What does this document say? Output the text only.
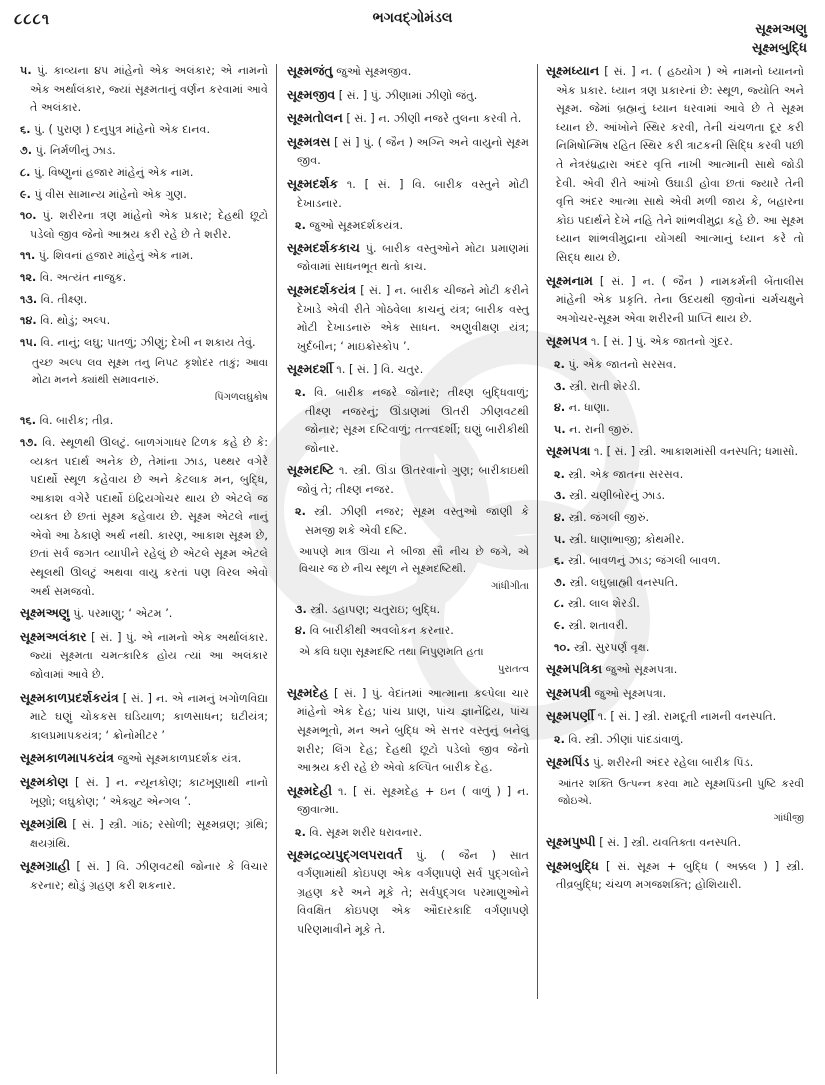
૮૮૮૧	ભગવદ્ગોમંડલ
સૂક્ષ્મઅણુ
સૂક્ષ્મબુદ્ધિ
૫. પું. કાવ્યના ૪૫ માંહેનો એક અલંકાર; એ નામનો એક અર્થાલંકાર, જ્યાં સૂક્ષ્મતાનું વર્ણન કરવામાં આવે તે અલંકાર.
૬. પું. ( પુરાણ ) દનુપુત્ર માંહેનો એક દાનવ.
૭. પું. નિર્મળીનું ઝાડ.
૮. પું. વિષ્ણુનાં હજાર માંહેનું એક નામ.
૯. પું વીસ સામાન્ય માંહેનો એક ગુણ.
૧૦. પું. શરીરના ત્રણ માંહેનો એક પ્રકાર; દેહથી છૂટો પડેલો જીવ જેનો આશ્રય કરી રહે છે તે શરીર.
૧૧. પું. શિવનાં હજાર માંહેનું એક નામ.
૧૨. વિ. અત્યંત નાજુક.
૧૩. વિ. તીક્ષ્ણ.
૧૪. વિ. થોડું; અલ્પ.
૧૫. વિ. નાનું; લઘુ; પાતળું; ઝીણું; દેખી ન શકાય તેવું.
તુચ્છ અલ્પ લવ સૂક્ષ્મ તનુ નિપટ કૃશોદર તાકું; આવા મોટા મનને ક્યાંથી સમાવનારું.
પિંગળલઘુકોષ
૧૬. વિ. બારીક; તીવ્ર.
૧૭. વિ. સ્થૂળથી ઊલટું. બાળગંગાધર ટિળક કહે છે કે: વ્યક્ત પદાર્થ અનેક છે, તેમાંના ઝાડ, પથ્થર વગેરે પદાર્થો સ્થૂળ કહેવાય છે અને કેટલાક મન, બુદ્ધિ, આકાશ વગેરે પદાર્થો ઇંદ્રિયગોચર થાય છે એટલે જ વ્યક્ત છે છતાં સૂક્ષ્મ કહેવાય છે. સૂક્ષ્મ એટલે નાનું એવો આ ઠેકાણે અર્થ નથી. કારણ, આકાશ સૂક્ષ્મ છે, છતાં સર્વ જગત વ્યાપીને રહેલું છે એટલે સૂક્ષ્મ એટલે સ્થૂલથી ઊલટું અથવા વાયુ કરતાં પણ વિરલ એવો અર્થ સમજવો.
સૂક્ષ્મઅણુ પું. પરમાણુ; ‘ એટમ ’.
સૂક્ષ્મઅલંકાર [ સં. ] પું. એ નામનો એક અર્થાલંકાર. જ્યાં સૂક્ષ્મતા ચમત્કારિક હોય ત્યાં આ અલંકાર જોવામાં આવે છે.
સૂક્ષ્મકાળપ્રદર્શકયંત્ર [ સં. ] ન. એ નામનું ખગોળવિદ્યા માટે ઘણું ચોકકસ ઘડિયાળ; કાળસાધન; ઘટીયંત્ર; કાલપ્રમાપકયંત્ર; ‘ ક્રોનોમીટર ’
સૂક્ષ્મકાળમાપકયંત્ર જુઓ સૂક્ષ્મકાળપ્રદર્શક યંત્ર.
સૂક્ષ્મકોણ [ સં. ] ન. ન્યૂનકોણ; કાટખૂણાથી નાનો ખૂણો; લઘુકોણ; ‘ એક્યુટ એન્ગલ ’.
સૂક્ષ્મગ્રંથિ [ સં. ] સ્ત્રી. ગાંઠ; રસોળી; સૂક્ષ્મવ્રણ; ગ્રંથિ; ક્ષયગ્રંથિ.
સૂક્ષ્મગ્રાહી [ સં. ] વિ. ઝીણવટથી જોનાર કે વિચાર કરનાર; થોડું ગ્રહણ કરી શકનાર.
સૂક્ષ્મજંતુ જુઓ સૂક્ષ્મજીવ.
સૂક્ષ્મજીવ [ સં. ] પું. ઝીણામાં ઝીણો જંતુ.
સૂક્ષ્મતોલન [ સં. ] ન. ઝીણી નજરે તુલના કરવી તે.
સૂક્ષ્મત્રસ [ સં ] પું. ( જૈન ) અગ્નિ અને વાયુનો સૂક્ષ્મ જીવ.
સૂક્ષ્મદર્શક ૧. [ સં. ] વિ. બારીક વસ્તુને મોટી દેખાડનાર.
૨. જુઓ સૂક્ષ્મદર્શકયંત્ર.
સૂક્ષ્મદર્શકકાચ પું. બારીક વસ્તુઓને મોટા પ્રમાણમાં જોવામાં સાધનભૂત થતો કાચ.
સૂક્ષ્મદર્શકયંત્ર [ સં. ] ન. બારીક ચીજને મોટી કરીને દેખાડે એવી રીતે ગોઠવેલા કાચનું યંત્ર; બારીક વસ્તુ મોટી દેખાડનારું એક સાધન. અણુવીક્ષણ યંત્ર; ખુર્દબીન; ‘ માઇક્રોસ્કોપ ’.
સૂક્ષ્મદર્શી ૧. [ સં. ] વિ. ચતુર.
૨. વિ. બારીક નજરે જોનાર; તીક્ષ્ણ બુદ્ધિવાળું; તીક્ષ્ણ નજરનું; ઊંડાણમાં ઊતરી ઝીણવટથી જોનાર; સૂક્ષ્મ દષ્ટિવાળું; તત્ત્વદર્શી; ઘણું બારીકીથી જોનાર.
સૂક્ષ્મદષ્ટિ ૧. સ્ત્રી. ઊંડા ઊતરવાનો ગુણ; બારીકાઇથી જોવું તે; તીક્ષ્ણ નજર.
૨. સ્ત્રી. ઝીણી નજર; સૂક્ષ્મ વસ્તુઓ જાણી કે સમજી શકે એવી દષ્ટિ.
આપણે માત્ર ઊંચા ને બીજા સૌ નીચ છે જગે, એ વિચાર જ છે નીચ સ્થૂળ ને સૂક્ષ્મદષ્ટિથી.
ગાંધીગીતા
૩. સ્ત્રી. ડહાપણ; ચતુરાઇ; બુદ્ધિ.
૪. વિ બારીકીથી અવલોકન કરનાર.
એ કવિ ઘણા સૂક્ષ્મદષ્ટિ તથા નિપુણમતિ હતા
પુરાતત્વ
સૂક્ષ્મદેહ [ સં. ] પું. વેદાંતમાં આત્માના કલ્પેલા ચાર માંહેનો એક દેહ; પાંચ પ્રાણ, પાંચ જ્ઞાનેંદ્રિય, પાંચ સૂક્ષ્મભૂતો, મન અને બુદ્ધિ એ સત્તર વસ્તુનું બનેલું શરીર; લિંગ દેહ; દેહથી છૂટો પડેલો જીવ જેનો આશ્રય કરી રહે છે એવો કલ્પિત બારીક દેહ.
સૂક્ષ્મદેહી ૧. [ સં. સૂક્ષ્મદેહ + ઇન ( વાળું ) ] ન. જીવાત્મા.
૨. વિ. સૂક્ષ્મ શરીર ધરાવનાર.
સૂક્ષ્મદ્રવ્યપુદ્ગલપરાવર્ત પું. ( જૈન ) સાત વર્ગણામાંથી કોઇપણ એક વર્ગણાપણે સર્વ પુદ્ગલોને ગ્રહણ કરે અને મૂકે તે; સર્વપુદ્ગલ પરમાણુઓને વિવક્ષિત કોઇપણ એક ઔદારકાદિ વર્ગણાપણે પરિણમાવીને મૂકે તે.
સૂક્ષ્મધ્યાન [ સં. ] ન. ( હઠયોગ ) એ નામનો ધ્યાનનો એક પ્રકાર. ધ્યાન ત્રણ પ્રકારનાં છે: સ્થૂળ, જ્યોતિ અને સૂક્ષ્મ. જેમાં બ્રહ્મનું ધ્યાન ધરવામાં આવે છે તે સૂક્ષ્મ ધ્યાન છે. આંખોને સ્થિર કરવી, તેની ચંચળતા દૂર કરી નિમિષોન્મિષ રહિત સ્થિર કરી ત્રાટકની સિદ્ધિ કરવી પછી તે નેત્રરંધ્રદ્વારા અંદર વૃત્તિ નાખી આત્માની સાથે જોડી દેવી. એવી રીતે આંખો ઉઘાડી હોવા છતાં જ્યારે તેની વૃત્તિ અંદર આત્મા સાથે એવી મળી જાય કે, બહારના કોઇ પદાર્થને દેખે નહિ તેને શાંભવીમુદ્રા કહે છે. આ સૂક્ષ્મ ધ્યાન શાંભવીમુદ્રાના યોગથી આત્માનું ધ્યાન કરે તો સિદ્ધ થાય છે.
સૂક્ષ્મનામ [ સં. ] ન. ( જૈન ) નામકર્મની બેંતાલીસ માંહેની એક પ્રકૃતિ. તેના ઉદયથી જીવોનાં ચર્મચક્ષુને અગોચર-સૂક્ષ્મ એવા શરીરની પ્રાપ્તિ થાય છે.
સૂક્ષ્મપત્ર ૧. [ સં. ] પું. એક જાતનો ગુંદર.
૨. પું. એક જાતનો સરસવ.
૩. સ્ત્રી. રાતી શેરડી.
૪. ન. ધાણા.
૫. ન. રાની જીરું.
સૂક્ષ્મપત્રા ૧. [ સં. ] સ્ત્રી. આકાશમાંસી વનસ્પતિ; ધમાસો.
૨. સ્ત્રી. એક જાતના સરસવ.
૩. સ્ત્રી. ચણીબોરનું ઝાડ.
૪. સ્ત્રી. જંગલી જીરું.
૫. સ્ત્રી. ધાણાભાજી; કોથમીર.
૬. સ્ત્રી. બાવળનું ઝાડ; જંગલી બાવળ.
૭. સ્ત્રી. લઘુબ્રાહ્મી વનસ્પતિ.
૮. સ્ત્રી. લાલ શેરડી.
૯. સ્ત્રી. શતાવરી.
૧૦. સ્ત્રી. સુરપર્ણ વૃક્ષ.
સૂક્ષ્મપત્રિકા જુઓ સૂક્ષ્મપત્રા.
સૂક્ષ્મપત્રી જુઓ સૂક્ષ્મપત્રા.
સૂક્ષ્મપર્ણી ૧. [ સં. ] સ્ત્રી. રામદૂતી નામની વનસ્પતિ.
૨. વિ. સ્ત્રી. ઝીણાં પાંદડાંવાળું.
સૂક્ષ્મપિંડ પું. શરીરની અંદર રહેલા બારીક પિંડ.
આંતર શક્તિ ઉત્પન્ન કરવા માટે સૂક્ષ્મપિંડની પુષ્ટિ કરવી જોઇએ.
ગાંધીજી
સૂક્ષ્મપુષ્પી [ સં. ] સ્ત્રી. યવતિક્તા વનસ્પતિ.
સૂક્ષ્મબુદ્ધિ [ સં. સૂક્ષ્મ + બુદ્ધિ ( અક્કલ ) ] સ્ત્રી. તીવ્રબુદ્ધિ; ચંચળ મગજશક્તિ; હોશિયારી.
